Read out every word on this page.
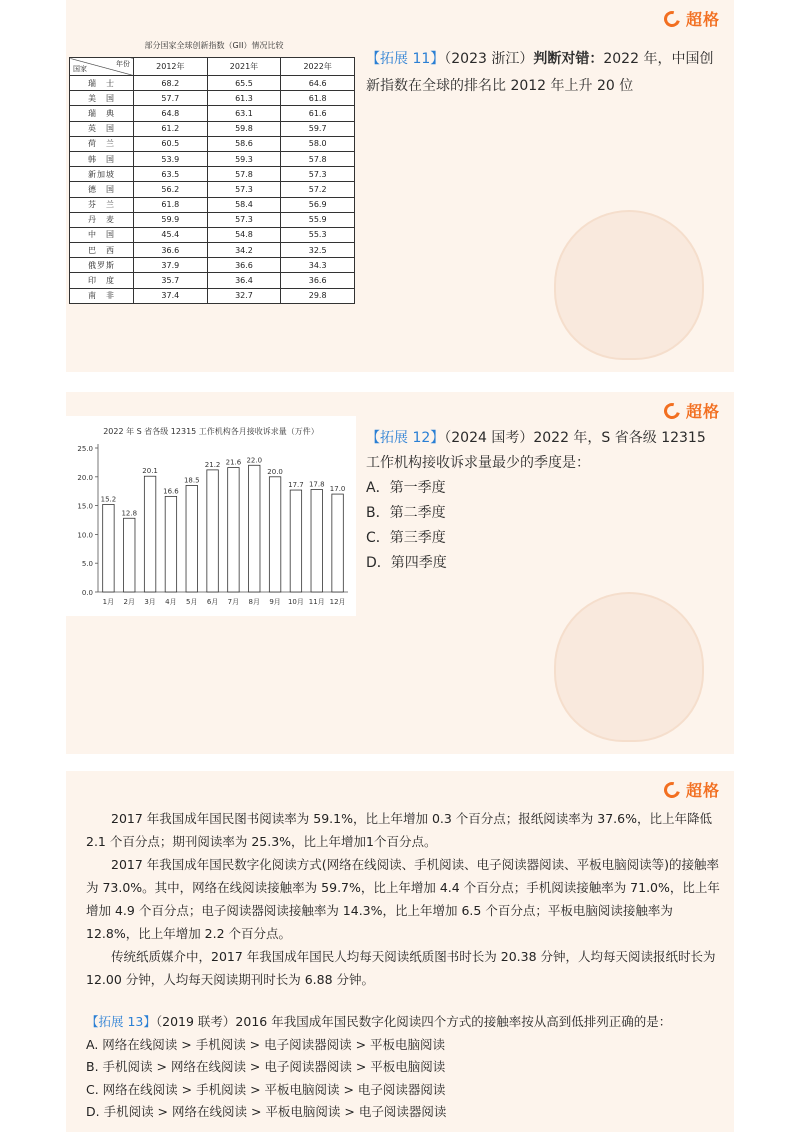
超格
部分国家全球创新指数（GII）情况比较
年份
国家	2012年	2021年	2022年
瑞　士	68.2	65.5	64.6
美　国	57.7	61.3	61.8
瑞　典	64.8	63.1	61.6
英　国	61.2	59.8	59.7
荷　兰	60.5	58.6	58.0
韩　国	53.9	59.3	57.8
新加坡	63.5	57.8	57.3
德　国	56.2	57.3	57.2
芬　兰	61.8	58.4	56.9
丹　麦	59.9	57.3	55.9
中　国	45.4	54.8	55.3
巴　西	36.6	34.2	32.5
俄罗斯	37.9	36.6	34.3
印　度	35.7	36.4	36.6
南　非	37.4	32.7	29.8
【拓展 11】（2023 浙江）判断对错：2022 年，中国创
新指数在全球的排名比 2012 年上升 20 位
超格
2022 年 S 省各级 12315 工作机构各月接收诉求量（万件）
0.0
5.0
10.0
15.0
20.0
25.0
15.2
1月
12.8
2月
20.1
3月
16.6
4月
18.5
5月
21.2
6月
21.6
7月
22.0
8月
20.0
9月
17.7
10月
17.8
11月
17.0
12月
【拓展 12】（2024 国考）2022 年，S 省各级 12315
工作机构接收诉求量最少的季度是：
A．第一季度
B．第二季度
C．第三季度
D．第四季度
超格

2017 年我国成年国民图书阅读率为 59.1%，比上年增加 0.3 个百分点；报纸阅读率为 37.6%，比上年降低 2.1 个百分点；期刊阅读率为 25.3%，比上年增加1个百分点。

2017 年我国成年国民数字化阅读方式(网络在线阅读、手机阅读、电子阅读器阅读、平板电脑阅读等)的接触率为 73.0%。其中，网络在线阅读接触率为 59.7%，比上年增加 4.4 个百分点；手机阅读接触率为 71.0%，比上年增加 4.9 个百分点；电子阅读器阅读接触率为 14.3%，比上年增加 6.5 个百分点；平板电脑阅读接触率为 12.8%，比上年增加 2.2 个百分点。

传统纸质媒介中，2017 年我国成年国民人均每天阅读纸质图书时长为 20.38 分钟，人均每天阅读报纸时长为 12.00 分钟，人均每天阅读期刊时长为 6.88 分钟。

【拓展 13】（2019 联考）2016 年我国成年国民数字化阅读四个方式的接触率按从高到低排列正确的是：
A. 网络在线阅读 > 手机阅读 > 电子阅读器阅读 > 平板电脑阅读
B. 手机阅读 > 网络在线阅读 > 电子阅读器阅读 > 平板电脑阅读
C. 网络在线阅读 > 手机阅读 > 平板电脑阅读 > 电子阅读器阅读
D. 手机阅读 > 网络在线阅读 > 平板电脑阅读 > 电子阅读器阅读
